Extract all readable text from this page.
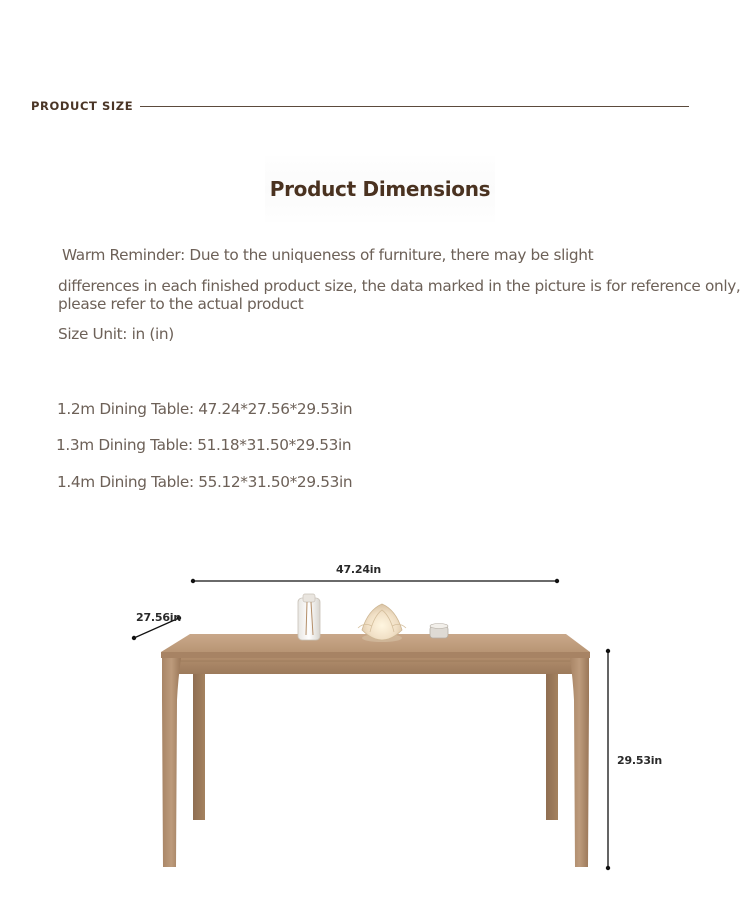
PRODUCT SIZE
Product Dimensions
Warm Reminder: Due to the uniqueness of furniture, there may be slight
differences in each finished product size, the data marked in the picture is for reference only,
please refer to the actual product
Size Unit: in (in)
1.2m Dining Table: 47.24*27.56*29.53in
1.3m Dining Table: 51.18*31.50*29.53in
1.4m Dining Table: 55.12*31.50*29.53in
47.24in
27.56in
29.53in
